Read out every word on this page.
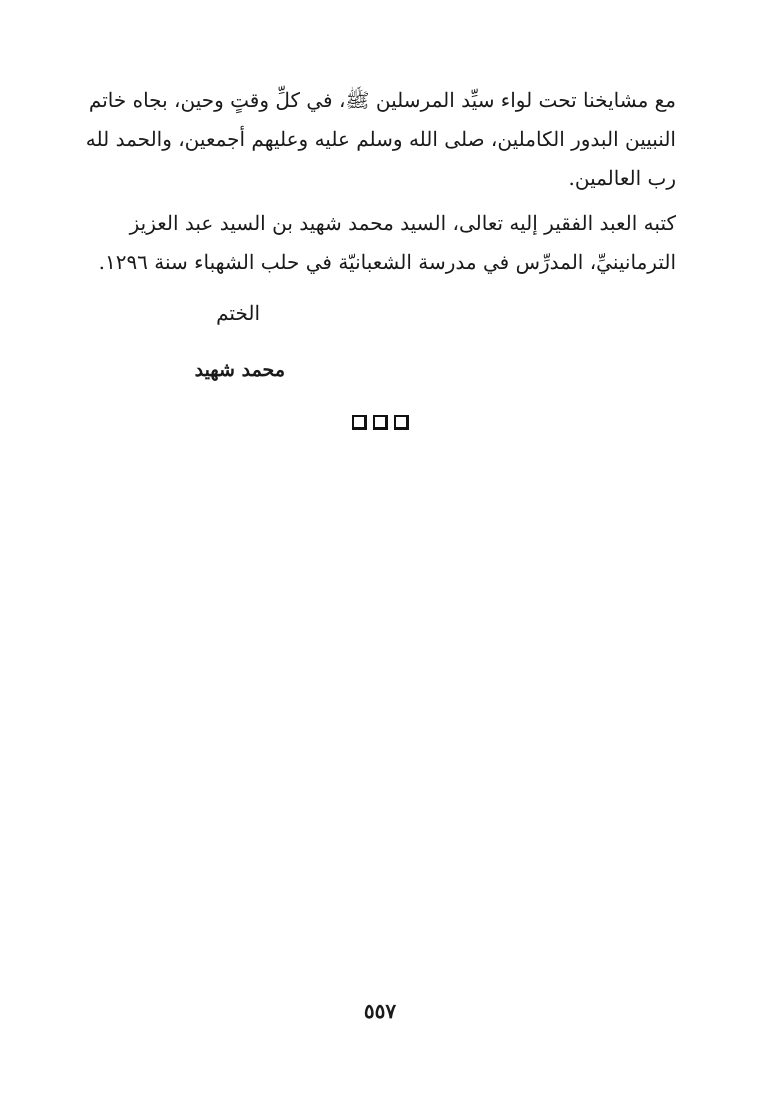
مع مشايخنا تحت لواء سيِّد المرسلين ﷺ، في كلِّ وقتٍ وحين، بجاه خاتم
النبيين البدور الكاملين، صلى الله وسلم عليه وعليهم أجمعين، والحمد لله
رب العالمين.

كتبه العبد الفقير إليه تعالى، السيد محمد شهيد بن السيد عبد العزيز
الترمانينيِّ، المدرِّس في مدرسة الشعبانيّة في حلب الشهباء سنة ١٢٩٦.

الختم

محمد شهيد

٥٥٧
